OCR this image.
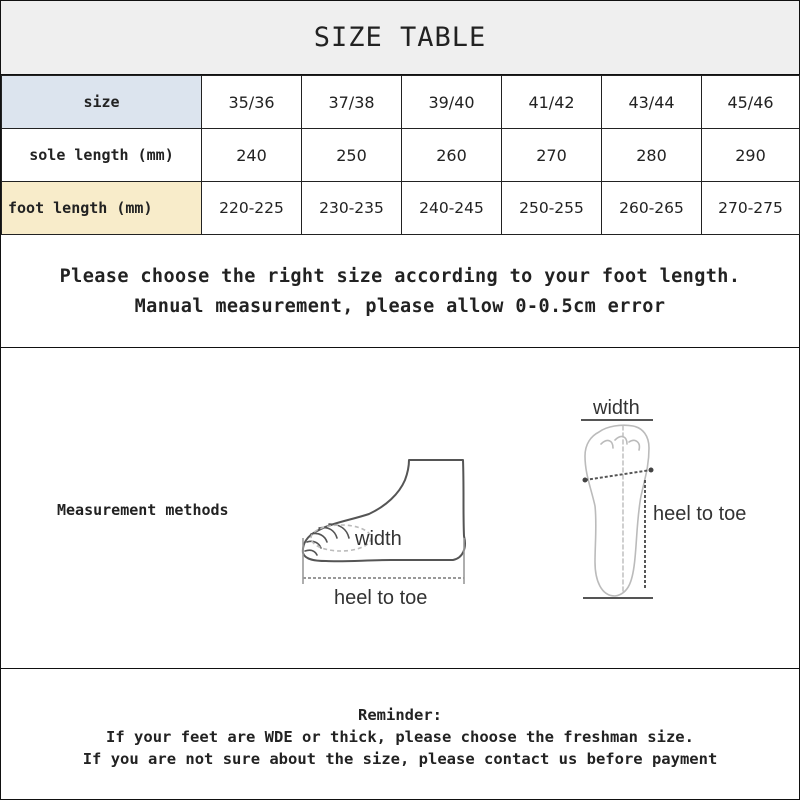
SIZE TABLE
size	35/36	37/38	39/40	41/42	43/44	45/46
sole length (mm)	240	250	260	270	280	290
foot length (mm)	220-225	230-235	240-245	250-255	260-265	270-275
Please choose the right size according to your foot length.
Manual measurement, please allow 0-0.5cm error
Measurement methods
width
heel to toe
width
heel to toe
Reminder:
If your feet are WDE or thick, please choose the freshman size.
If you are not sure about the size, please contact us before payment
